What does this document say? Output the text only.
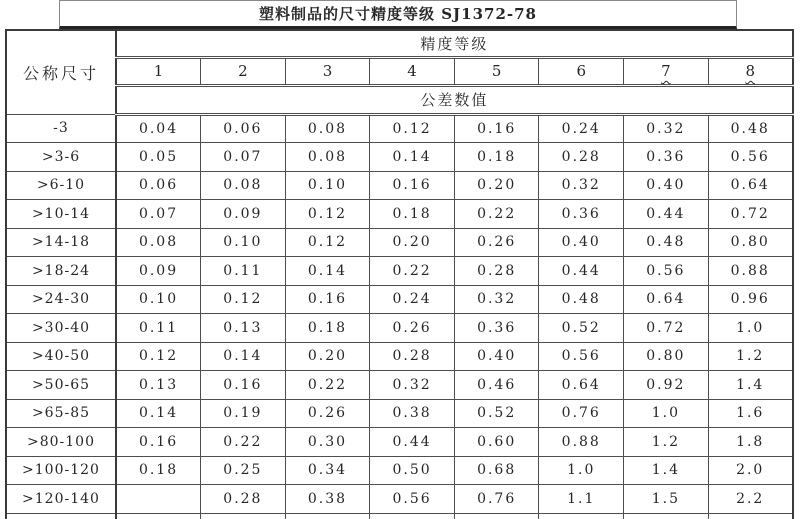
塑料制品的尺寸精度等级 SJ1372-78
公称尺寸	精度等级							
	1	2	3	4	5	6	7	8
	公差数值							
-3	0.04	0.06	0.08	0.12	0.16	0.24	0.32	0.48
>3-6	0.05	0.07	0.08	0.14	0.18	0.28	0.36	0.56
>6-10	0.06	0.08	0.10	0.16	0.20	0.32	0.40	0.64
>10-14	0.07	0.09	0.12	0.18	0.22	0.36	0.44	0.72
>14-18	0.08	0.10	0.12	0.20	0.26	0.40	0.48	0.80
>18-24	0.09	0.11	0.14	0.22	0.28	0.44	0.56	0.88
>24-30	0.10	0.12	0.16	0.24	0.32	0.48	0.64	0.96
>30-40	0.11	0.13	0.18	0.26	0.36	0.52	0.72	1.0
>40-50	0.12	0.14	0.20	0.28	0.40	0.56	0.80	1.2
>50-65	0.13	0.16	0.22	0.32	0.46	0.64	0.92	1.4
>65-85	0.14	0.19	0.26	0.38	0.52	0.76	1.0	1.6
>80-100	0.16	0.22	0.30	0.44	0.60	0.88	1.2	1.8
>100-120	0.18	0.25	0.34	0.50	0.68	1.0	1.4	2.0
>120-140		0.28	0.38	0.56	0.76	1.1	1.5	2.2
